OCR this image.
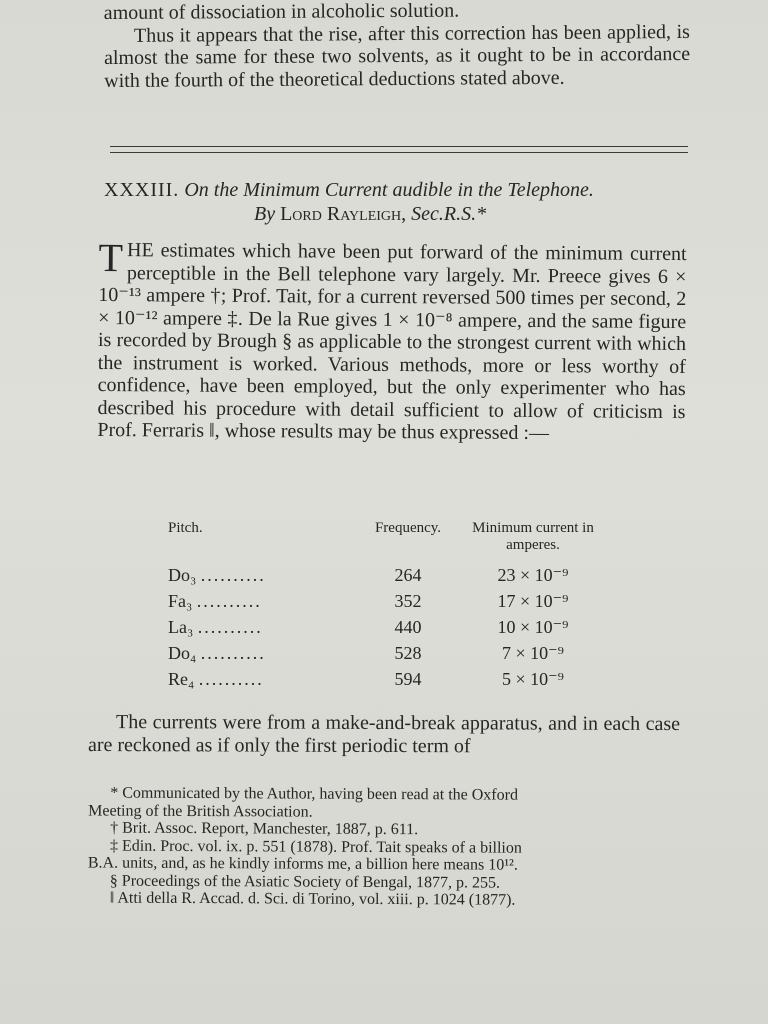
amount of dissociation in alcoholic solution.
Thus it appears that the rise, after this correction has been applied, is almost the same for these two solvents, as it ought to be in accordance with the fourth of the theoretical deductions stated above.
XXXIII. On the Minimum Current audible in the Telephone.
By Lord Rayleigh, Sec.R.S.*
T HE estimates which have been put forward of the minimum current perceptible in the Bell telephone vary largely. Mr. Preece gives 6 × 10⁻¹³ ampere †; Prof. Tait, for a current reversed 500 times per second, 2 × 10⁻¹² ampere ‡. De la Rue gives 1 × 10⁻⁸ ampere, and the same figure is recorded by Brough § as applicable to the strongest current with which the instrument is worked. Various methods, more or less worthy of confidence, have been employed, but the only experimenter who has described his procedure with detail sufficient to allow of criticism is Prof. Ferraris ‖, whose results may be thus expressed :—
Pitch.	Frequency.	Minimum current in amperes.
Do₃ ..........	264	23 × 10⁻⁹
Fa₃ ..........	352	17 × 10⁻⁹
La₃ ..........	440	10 × 10⁻⁹
Do₄ ..........	528	7 × 10⁻⁹
Re₄ ..........	594	5 × 10⁻⁹
The currents were from a make-and-break apparatus, and in each case are reckoned as if only the first periodic term of
* Communicated by the Author, having been read at the Oxford
Meeting of the British Association.
† Brit. Assoc. Report, Manchester, 1887, p. 611.
‡ Edin. Proc. vol. ix. p. 551 (1878). Prof. Tait speaks of a billion
B.A. units, and, as he kindly informs me, a billion here means 10¹².
§ Proceedings of the Asiatic Society of Bengal, 1877, p. 255.
‖ Atti della R. Accad. d. Sci. di Torino, vol. xiii. p. 1024 (1877).
